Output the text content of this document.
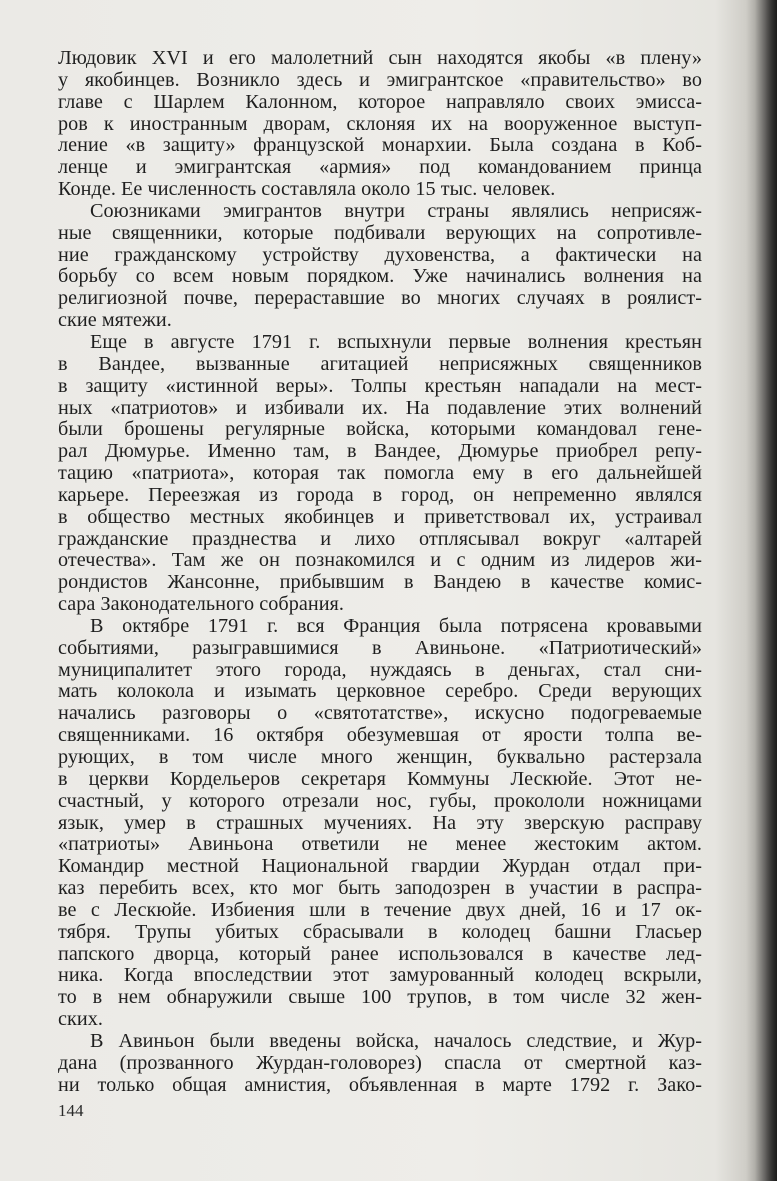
Людовик XVI и его малолетний сын находятся якобы «в плену»
у якобинцев. Возникло здесь и эмигрантское «правительство» во
главе с Шарлем Калонном, которое направляло своих эмисса-
ров к иностранным дворам, склоняя их на вооруженное выступ-
ление «в защиту» французской монархии. Была создана в Коб-
ленце и эмигрантская «армия» под командованием принца
Конде. Ее численность составляла около 15 тыс. человек.
Союзниками эмигрантов внутри страны являлись неприсяж-
ные священники, которые подбивали верующих на сопротивле-
ние гражданскому устройству духовенства, а фактически на
борьбу со всем новым порядком. Уже начинались волнения на
религиозной почве, перераставшие во многих случаях в роялист-
ские мятежи.
Еще в августе 1791 г. вспыхнули первые волнения крестьян
в Вандее, вызванные агитацией неприсяжных священников
в защиту «истинной веры». Толпы крестьян нападали на мест-
ных «патриотов» и избивали их. На подавление этих волнений
были брошены регулярные войска, которыми командовал гене-
рал Дюмурье. Именно там, в Вандее, Дюмурье приобрел репу-
тацию «патриота», которая так помогла ему в его дальнейшей
карьере. Переезжая из города в город, он непременно являлся
в общество местных якобинцев и приветствовал их, устраивал
гражданские празднества и лихо отплясывал вокруг «алтарей
отечества». Там же он познакомился и с одним из лидеров жи-
рондистов Жансонне, прибывшим в Вандею в качестве комис-
сара Законодательного собрания.
В октябре 1791 г. вся Франция была потрясена кровавыми
событиями, разыгравшимися в Авиньоне. «Патриотический»
муниципалитет этого города, нуждаясь в деньгах, стал сни-
мать колокола и изымать церковное серебро. Среди верующих
начались разговоры о «святотатстве», искусно подогреваемые
священниками. 16 октября обезумевшая от ярости толпа ве-
рующих, в том числе много женщин, буквально растерзала
в церкви Кордельеров секретаря Коммуны Лескюйе. Этот не-
счастный, у которого отрезали нос, губы, прокололи ножницами
язык, умер в страшных мучениях. На эту зверскую расправу
«патриоты» Авиньона ответили не менее жестоким актом.
Командир местной Национальной гвардии Журдан отдал при-
каз перебить всех, кто мог быть заподозрен в участии в распра-
ве с Лескюйе. Избиения шли в течение двух дней, 16 и 17 ок-
тября. Трупы убитых сбрасывали в колодец башни Гласьер
папского дворца, который ранее использовался в качестве лед-
ника. Когда впоследствии этот замурованный колодец вскрыли,
то в нем обнаружили свыше 100 трупов, в том числе 32 жен-
ских.
В Авиньон были введены войска, началось следствие, и Жур-
дана (прозванного Журдан-головорез) спасла от смертной каз-
ни только общая амнистия, объявленная в марте 1792 г. Зако-
144
